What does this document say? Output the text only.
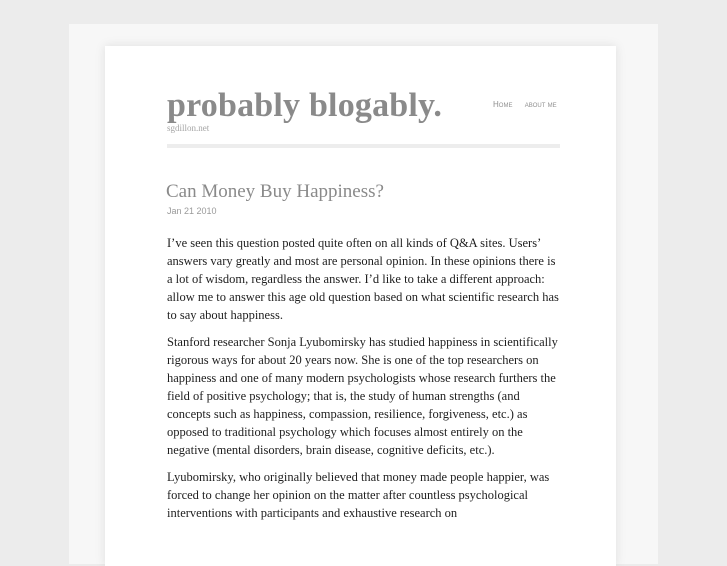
probably blogably.
sgdillon.net
Home about me
Can Money Buy Happiness?
Jan 21 2010

I’ve seen this question posted quite often on all kinds of Q&A sites. Users’ answers vary greatly and most are personal opinion. In these opinions there is a lot of wisdom, regardless the answer. I’d like to take a different approach: allow me to answer this age old question based on what scientific research has to say about happiness.

Stanford researcher Sonja Lyubomirsky has studied happiness in scientifically rigorous ways for about 20 years now. She is one of the top researchers on happiness and one of many modern psychologists whose research furthers the field of positive psychology; that is, the study of human strengths (and concepts such as happiness, compassion, resilience, forgiveness, etc.) as opposed to traditional psychology which focuses almost entirely on the negative (mental disorders, brain disease, cognitive deficits, etc.).

Lyubomirsky, who originally believed that money made people happier, was forced to change her opinion on the matter after countless psychological interventions with participants and exhaustive research on
